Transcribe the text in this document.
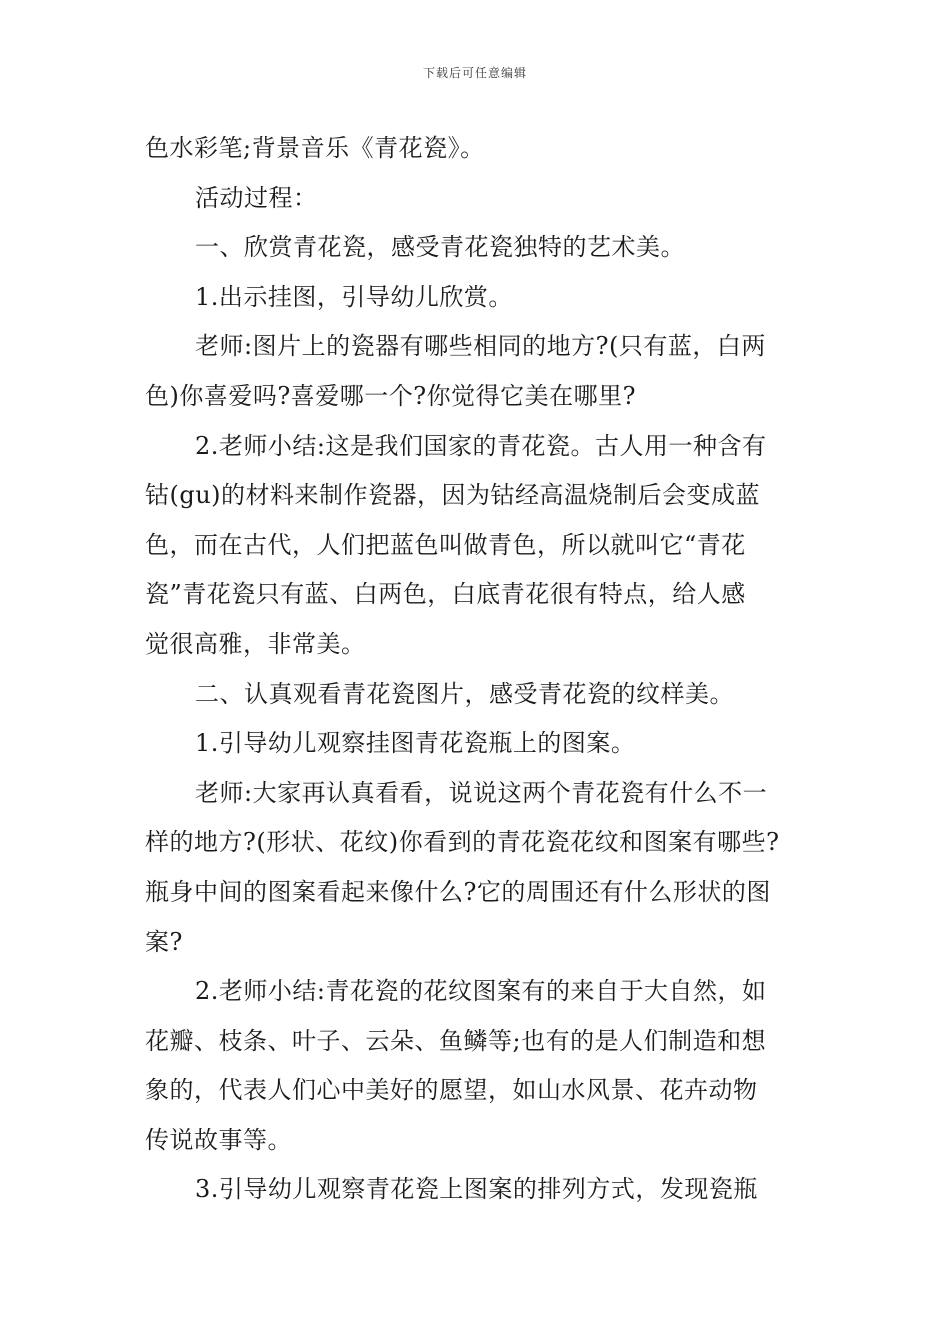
下载后可任意编辑
色水彩笔;背景音乐《青花瓷》。
活动过程：
一、欣赏青花瓷，感受青花瓷独特的艺术美。
1.出示挂图，引导幼儿欣赏。
老师:图片上的瓷器有哪些相同的地方?(只有蓝，白两
色)你喜爱吗?喜爱哪一个?你觉得它美在哪里?
2.老师小结:这是我们国家的青花瓷。古人用一种含有
钴(gu)的材料来制作瓷器，因为钴经高温烧制后会变成蓝
色，而在古代，人们把蓝色叫做青色，所以就叫它“青花
瓷”青花瓷只有蓝、白两色，白底青花很有特点，给人感
觉很高雅，非常美。
二、认真观看青花瓷图片，感受青花瓷的纹样美。
1.引导幼儿观察挂图青花瓷瓶上的图案。
老师:大家再认真看看，说说这两个青花瓷有什么不一
样的地方?(形状、花纹)你看到的青花瓷花纹和图案有哪些?
瓶身中间的图案看起来像什么?它的周围还有什么形状的图
案?
2.老师小结:青花瓷的花纹图案有的来自于大自然，如
花瓣、枝条、叶子、云朵、鱼鳞等;也有的是人们制造和想
象的，代表人们心中美好的愿望，如山水风景、花卉动物
传说故事等。
3.引导幼儿观察青花瓷上图案的排列方式，发现瓷瓶
